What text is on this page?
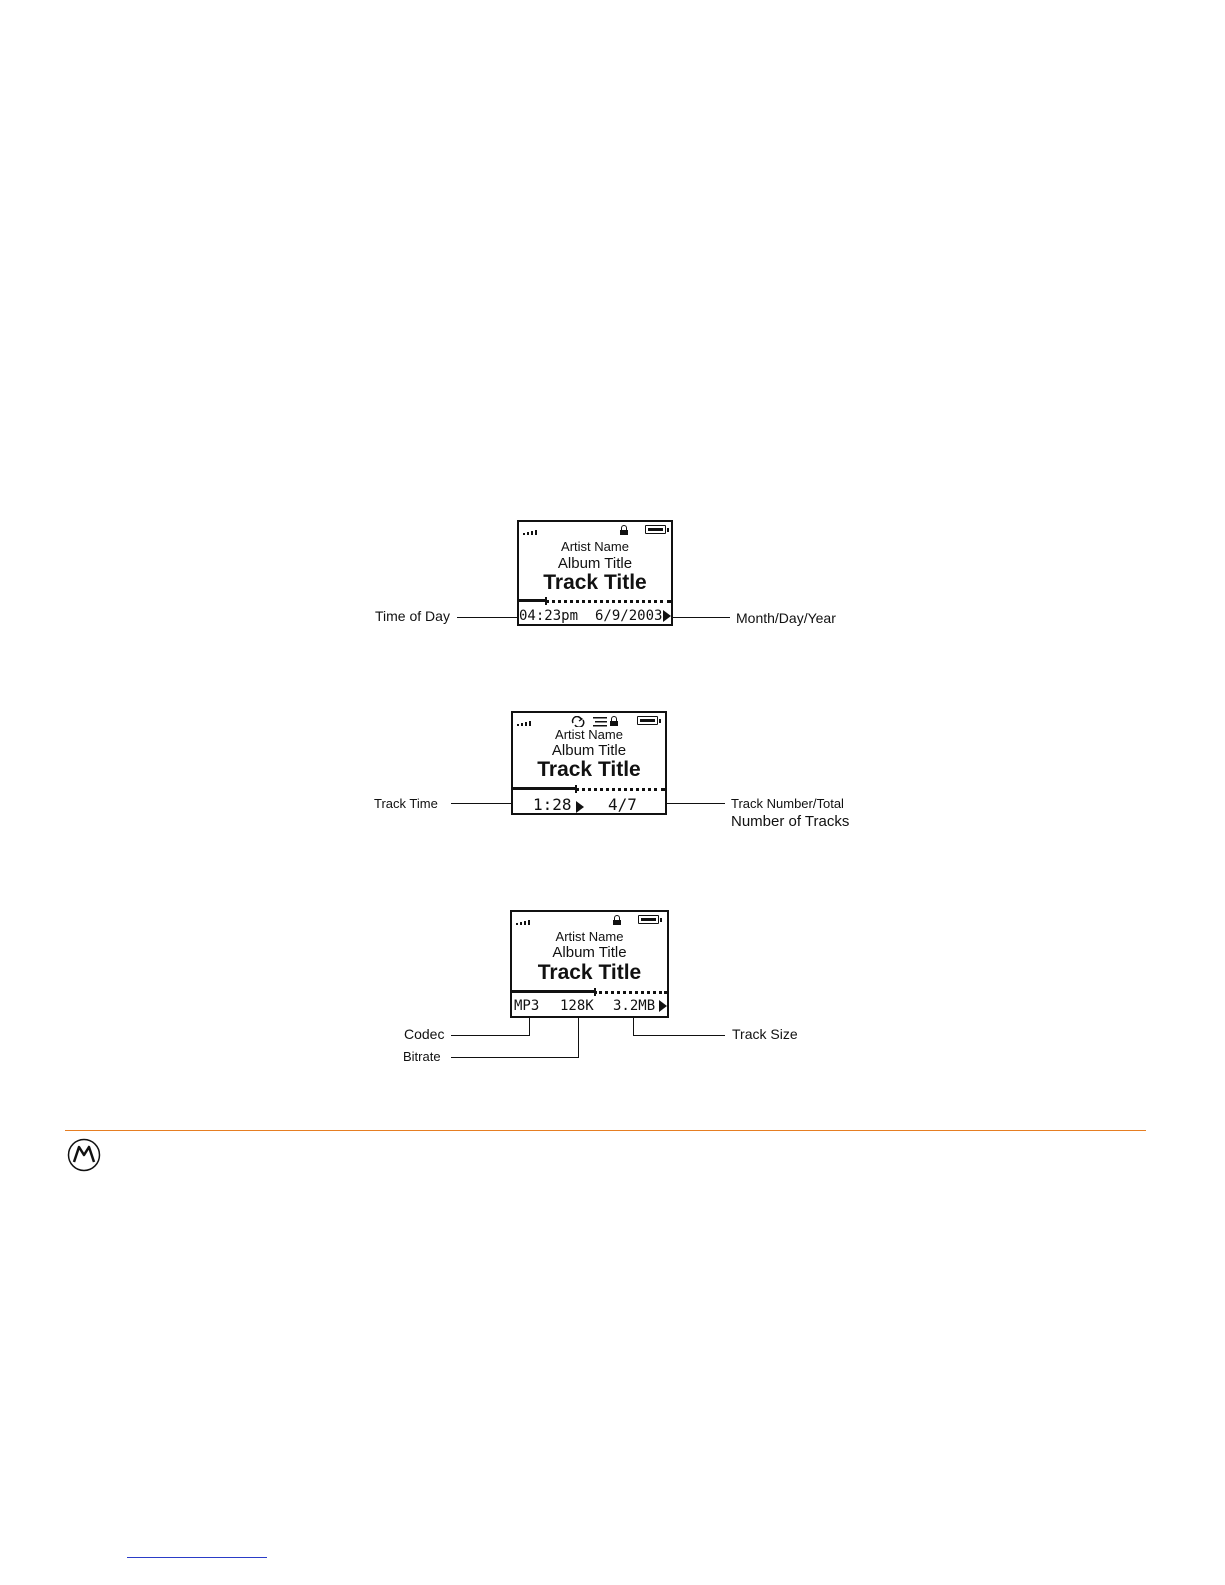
Artist Name
Album Title
Track Title
04:23pm 6/9/2003
Time of Day	Month/Day/Year
Artist Name
Album Title
Track Title
1:28 4/7
Track Time	Track Number/Total
Number of Tracks
Artist Name
Album Title
Track Title
MP3 128K 3.2MB
Codec
Bitrate
Track Size
